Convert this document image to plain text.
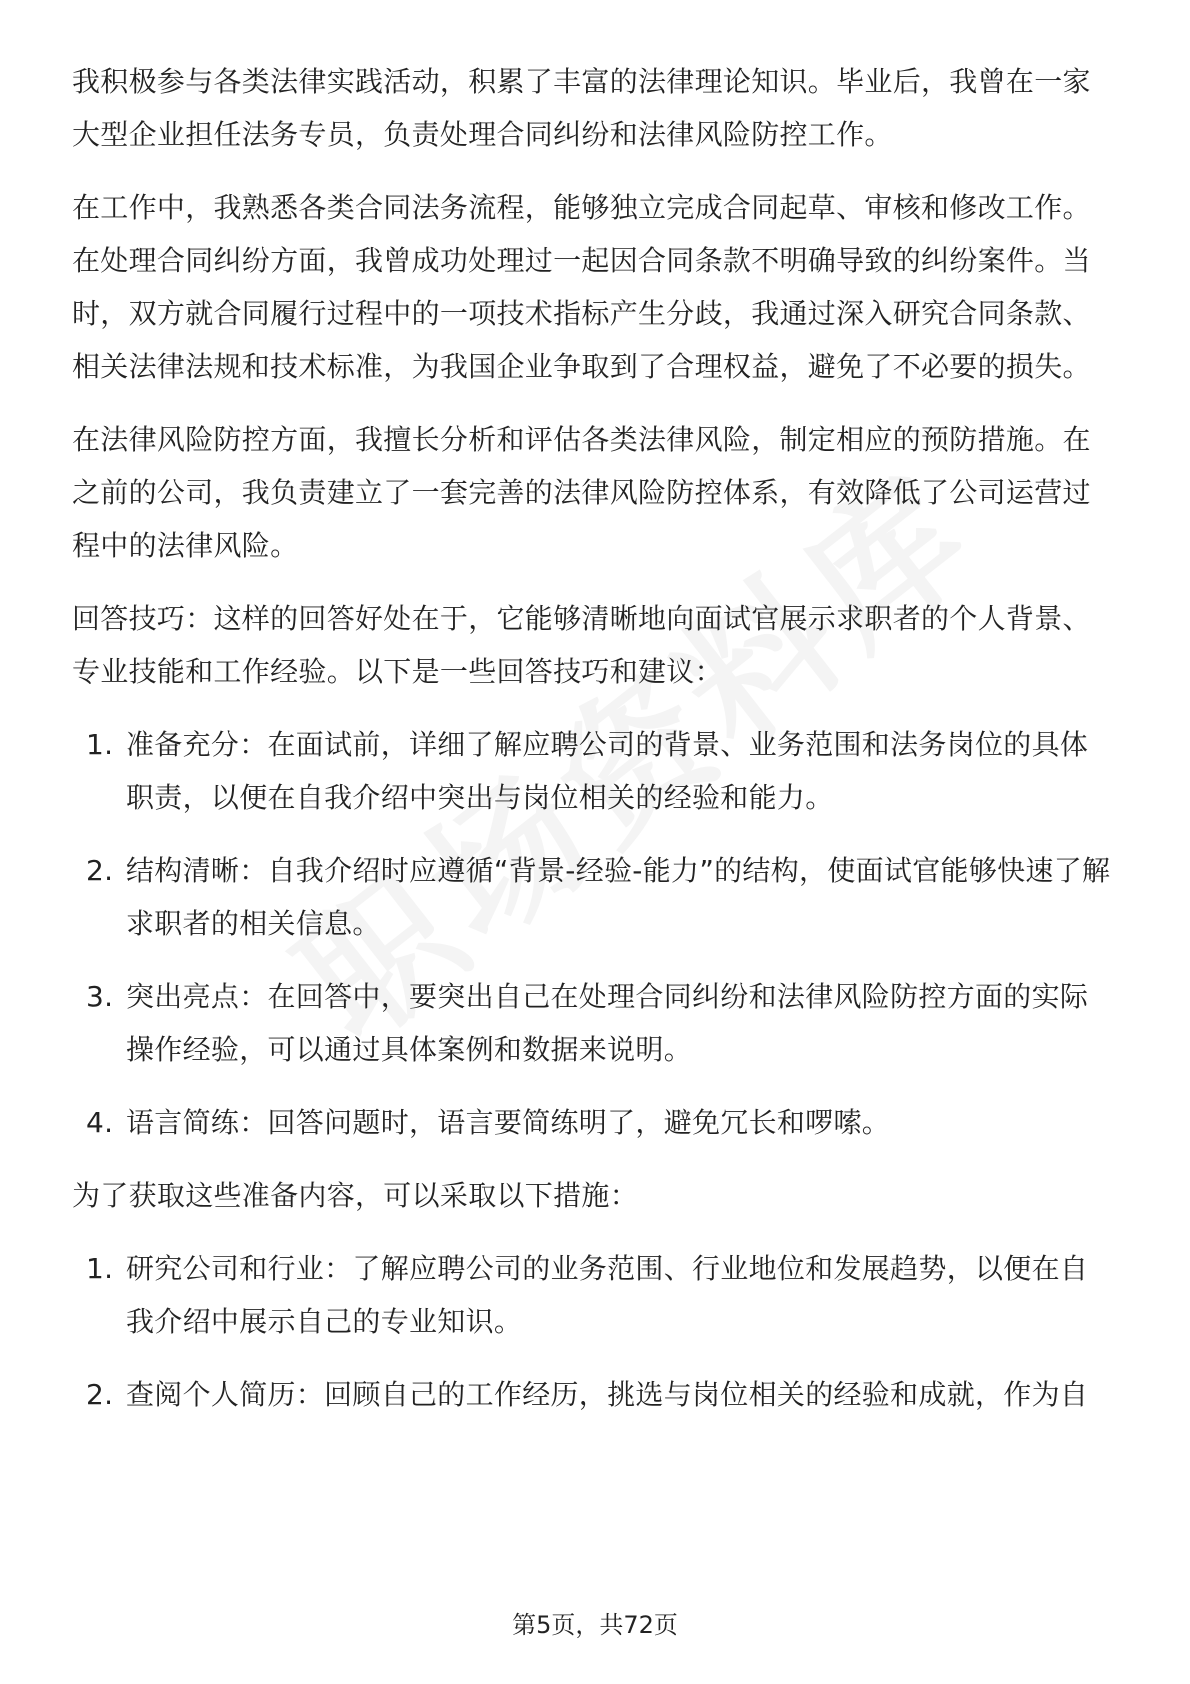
我积极参与各类法律实践活动，积累了丰富的法律理论知识。毕业后，我曾在一家大型企业担任法务专员，负责处理合同纠纷和法律风险防控工作。

在工作中，我熟悉各类合同法务流程，能够独立完成合同起草、审核和修改工作。在处理合同纠纷方面，我曾成功处理过一起因合同条款不明确导致的纠纷案件。当时，双方就合同履行过程中的一项技术指标产生分歧，我通过深入研究合同条款、相关法律法规和技术标准，为我国企业争取到了合理权益，避免了不必要的损失。

在法律风险防控方面，我擅长分析和评估各类法律风险，制定相应的预防措施。在之前的公司，我负责建立了一套完善的法律风险防控体系，有效降低了公司运营过程中的法律风险。

回答技巧：这样的回答好处在于，它能够清晰地向面试官展示求职者的个人背景、专业技能和工作经验。以下是一些回答技巧和建议：

1. 准备充分：在面试前，详细了解应聘公司的背景、业务范围和法务岗位的具体职责，以便在自我介绍中突出与岗位相关的经验和能力。
2. 结构清晰：自我介绍时应遵循“背景-经验-能力”的结构，使面试官能够快速了解求职者的相关信息。
3. 突出亮点：在回答中，要突出自己在处理合同纠纷和法律风险防控方面的实际操作经验，可以通过具体案例和数据来说明。
4. 语言简练：回答问题时，语言要简练明了，避免冗长和啰嗦。

为了获取这些准备内容，可以采取以下措施：

1. 研究公司和行业：了解应聘公司的业务范围、行业地位和发展趋势，以便在自我介绍中展示自己的专业知识。
2. 查阅个人简历：回顾自己的工作经历，挑选与岗位相关的经验和成就，作为自
第5页，共72页
